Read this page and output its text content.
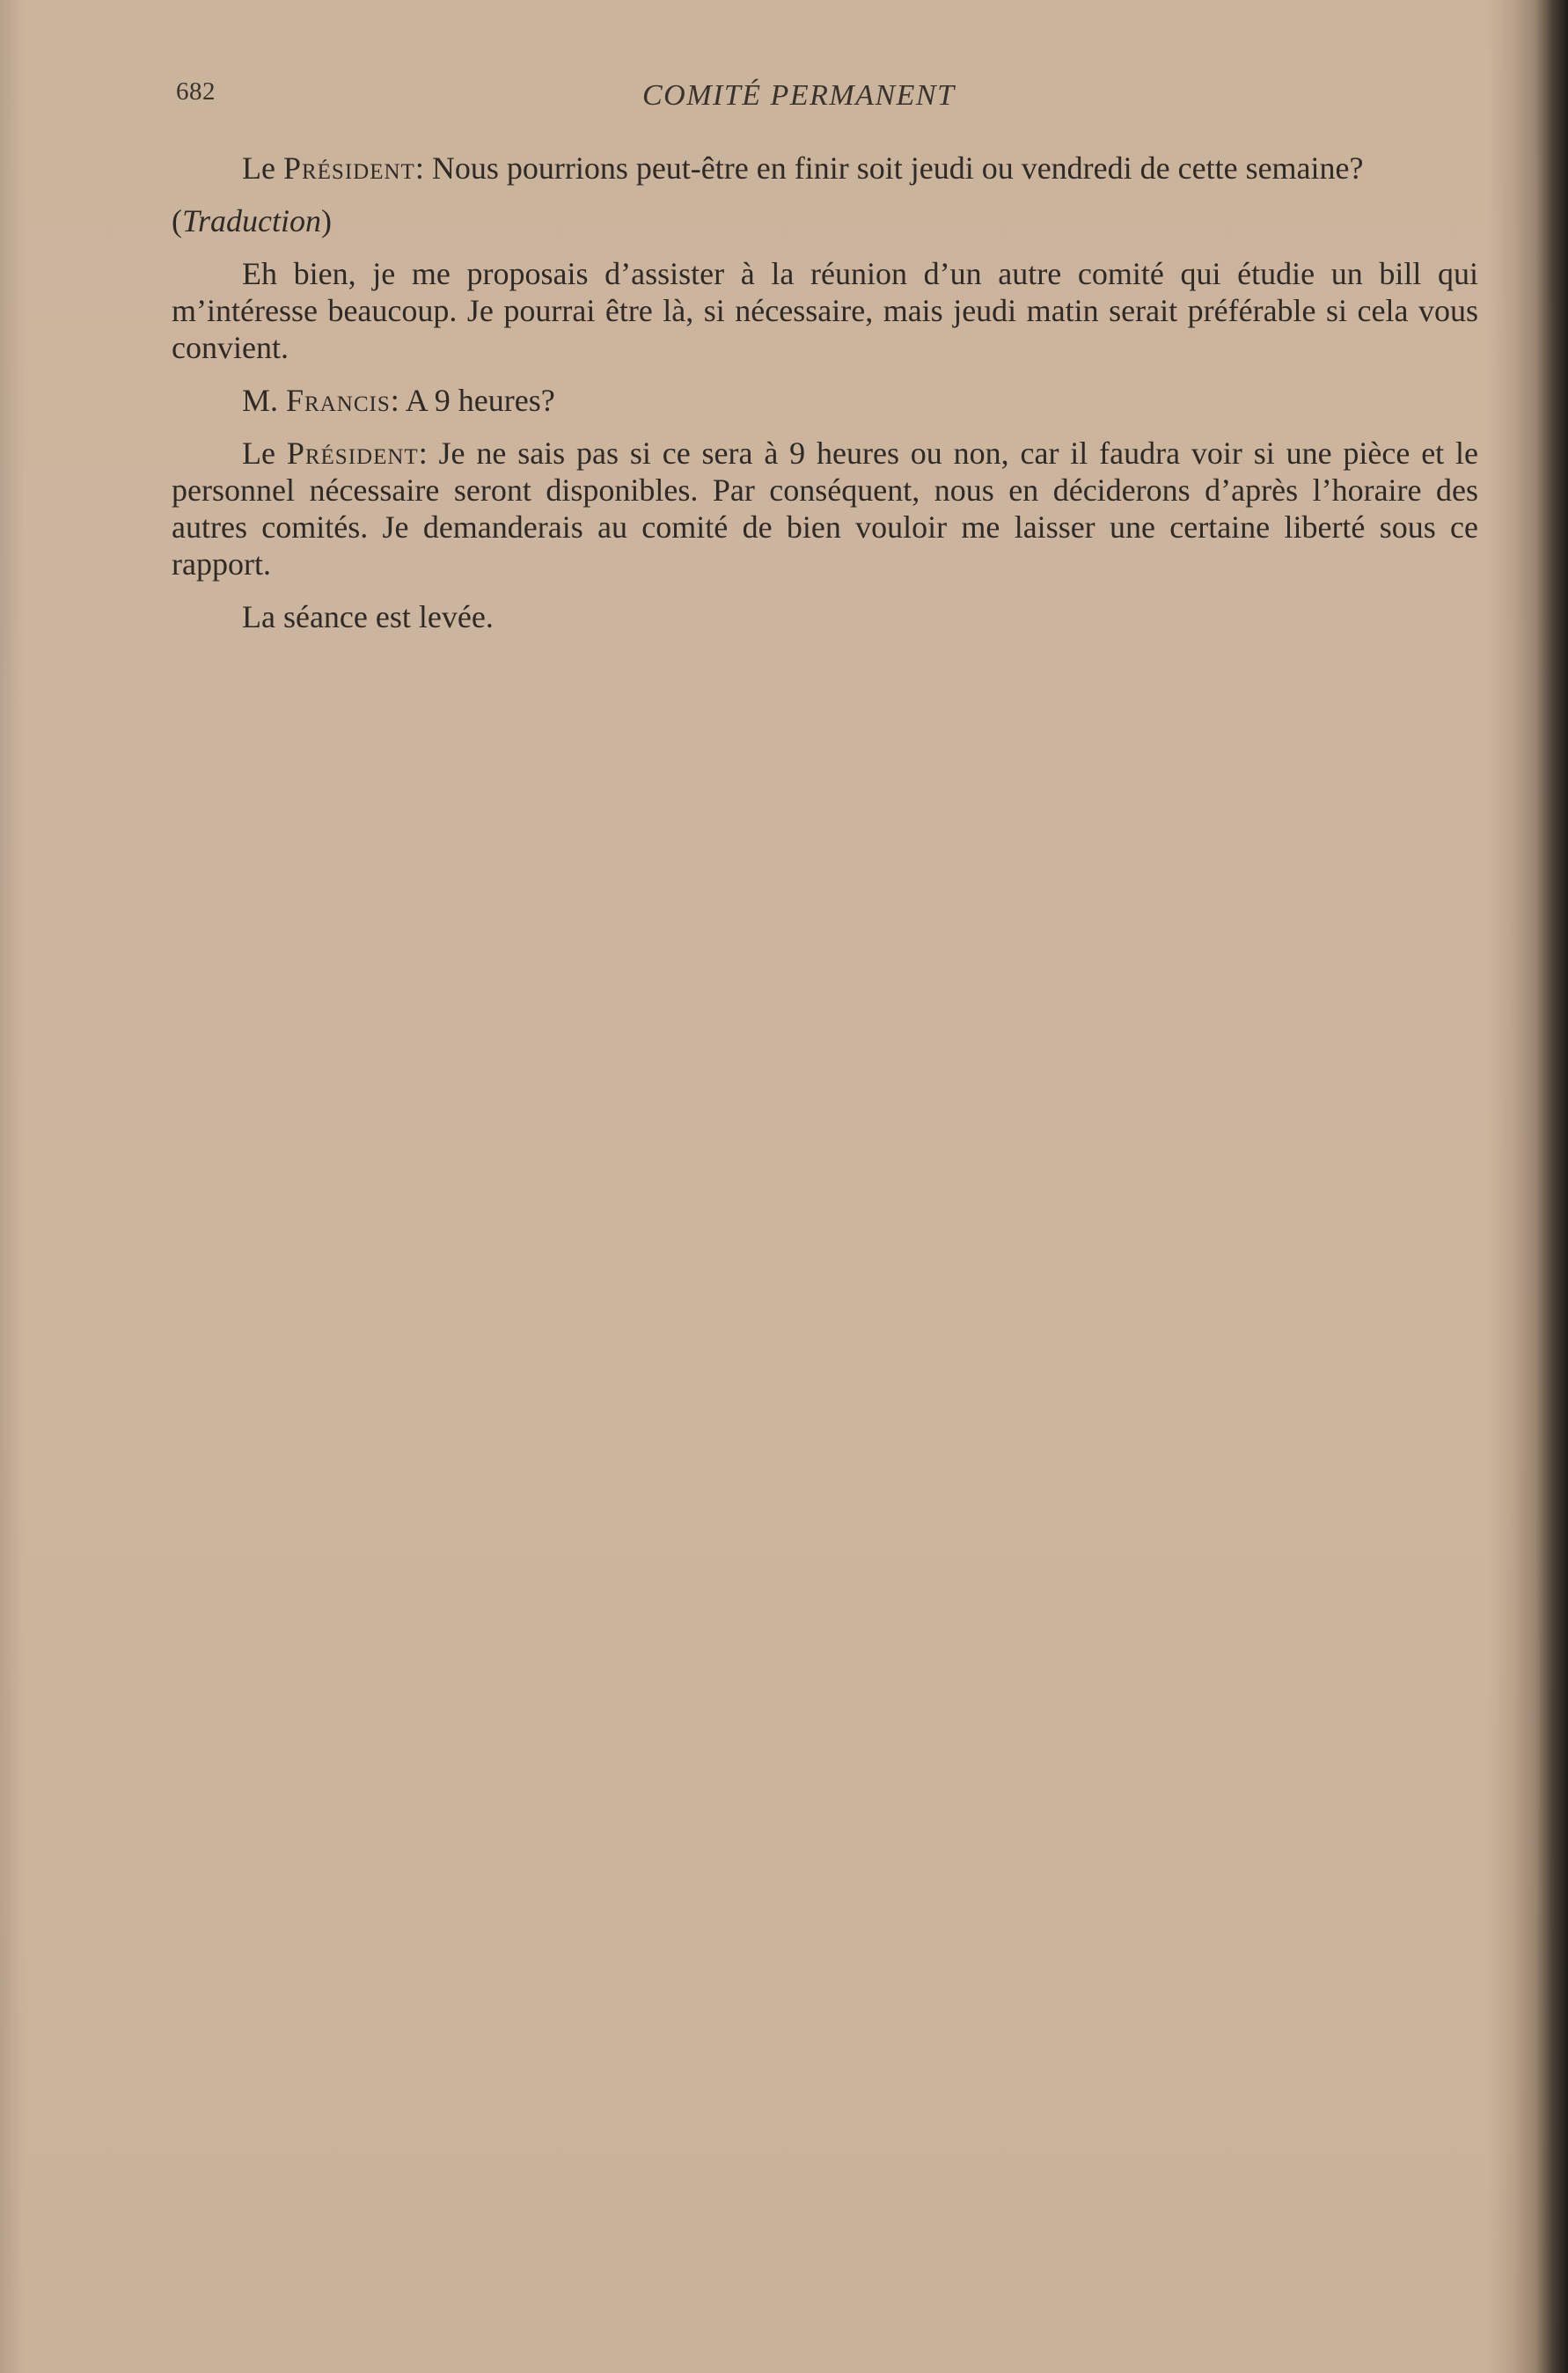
682	COMITÉ PERMANENT

Le Président: Nous pourrions peut-être en finir soit jeudi ou vendredi de cette semaine?

(Traduction)

Eh bien, je me proposais d’assister à la réunion d’un autre comité qui étudie un bill qui m’intéresse beaucoup. Je pourrai être là, si nécessaire, mais jeudi matin serait préférable si cela vous convient.

M. Francis: A 9 heures?

Le Président: Je ne sais pas si ce sera à 9 heures ou non, car il faudra voir si une pièce et le personnel nécessaire seront disponibles. Par conséquent, nous en déciderons d’après l’horaire des autres comités. Je demanderais au comité de bien vouloir me laisser une certaine liberté sous ce rapport.

La séance est levée.
